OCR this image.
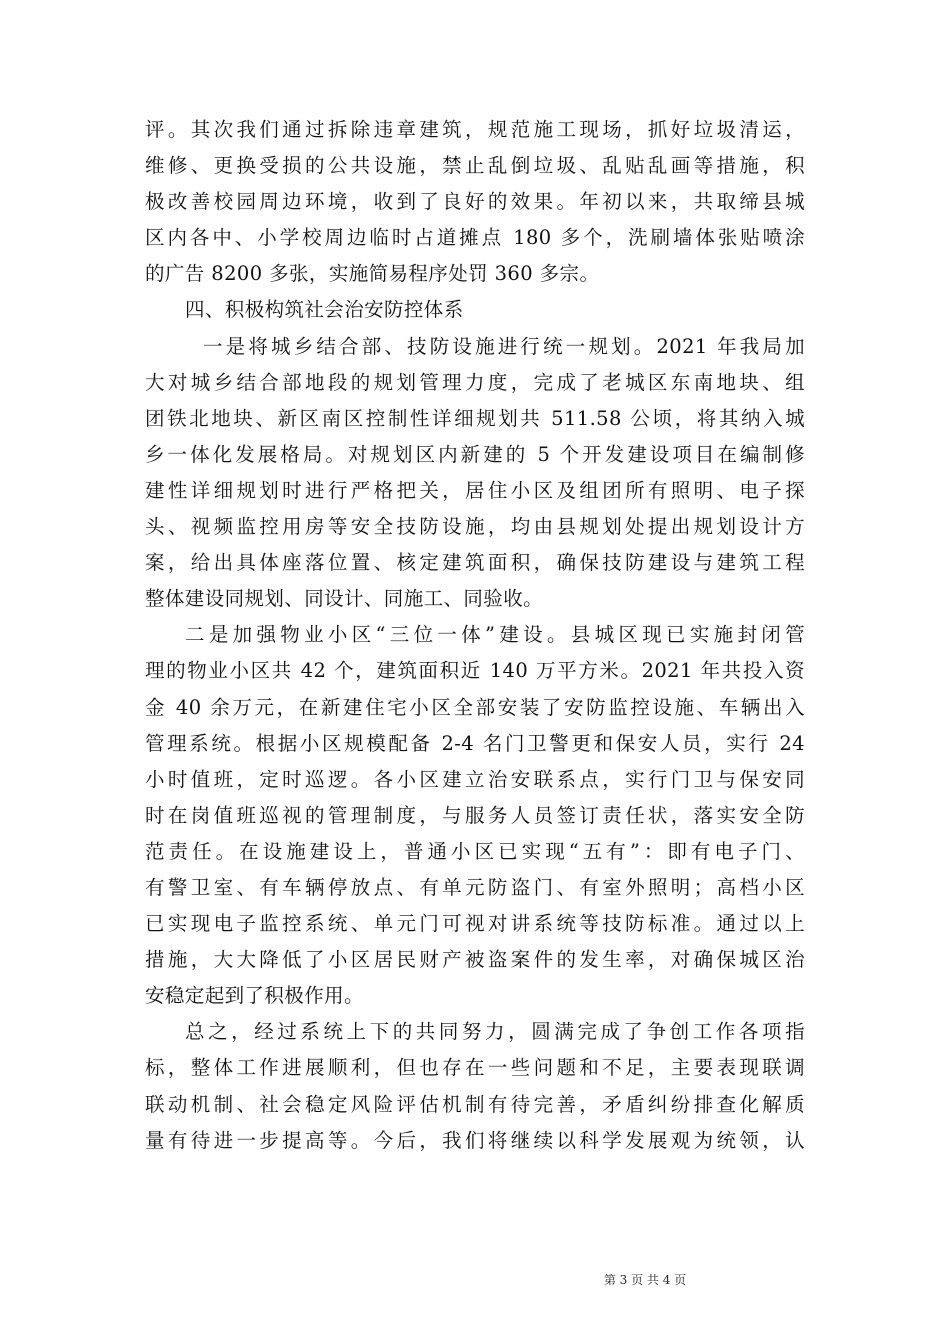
评。其次我们通过拆除违章建筑，规范施工现场，抓好垃圾清运，
维修、更换受损的公共设施，禁止乱倒垃圾、乱贴乱画等措施，积
极改善校园周边环境，收到了良好的效果。年初以来，共取缔县城
区内各中、小学校周边临时占道摊点 180 多个，洗刷墙体张贴喷涂
的广告 8200 多张，实施简易程序处罚 360 多宗。
四、积极构筑社会治安防控体系
一是将城乡结合部、技防设施进行统一规划。2021 年我局加
大对城乡结合部地段的规划管理力度，完成了老城区东南地块、组
团铁北地块、新区南区控制性详细规划共 511.58 公顷，将其纳入城
乡一体化发展格局。对规划区内新建的 5 个开发建设项目在编制修
建性详细规划时进行严格把关，居住小区及组团所有照明、电子探
头、视频监控用房等安全技防设施，均由县规划处提出规划设计方
案，给出具体座落位置、核定建筑面积，确保技防建设与建筑工程
整体建设同规划、同设计、同施工、同验收。
二是加强物业小区“三位一体”建设。县城区现已实施封闭管
理的物业小区共 42 个，建筑面积近 140 万平方米。2021 年共投入资
金 40 余万元，在新建住宅小区全部安装了安防监控设施、车辆出入
管理系统。根据小区规模配备 2-4 名门卫警更和保安人员，实行 24
小时值班，定时巡逻。各小区建立治安联系点，实行门卫与保安同
时在岗值班巡视的管理制度，与服务人员签订责任状，落实安全防
范责任。在设施建设上，普通小区已实现“五有”：即有电子门、
有警卫室、有车辆停放点、有单元防盗门、有室外照明；高档小区
已实现电子监控系统、单元门可视对讲系统等技防标准。通过以上
措施，大大降低了小区居民财产被盗案件的发生率，对确保城区治
安稳定起到了积极作用。
总之，经过系统上下的共同努力，圆满完成了争创工作各项指
标，整体工作进展顺利，但也存在一些问题和不足，主要表现联调
联动机制、社会稳定风险评估机制有待完善，矛盾纠纷排查化解质
量有待进一步提高等。今后，我们将继续以科学发展观为统领，认
第 3 页 共 4 页
